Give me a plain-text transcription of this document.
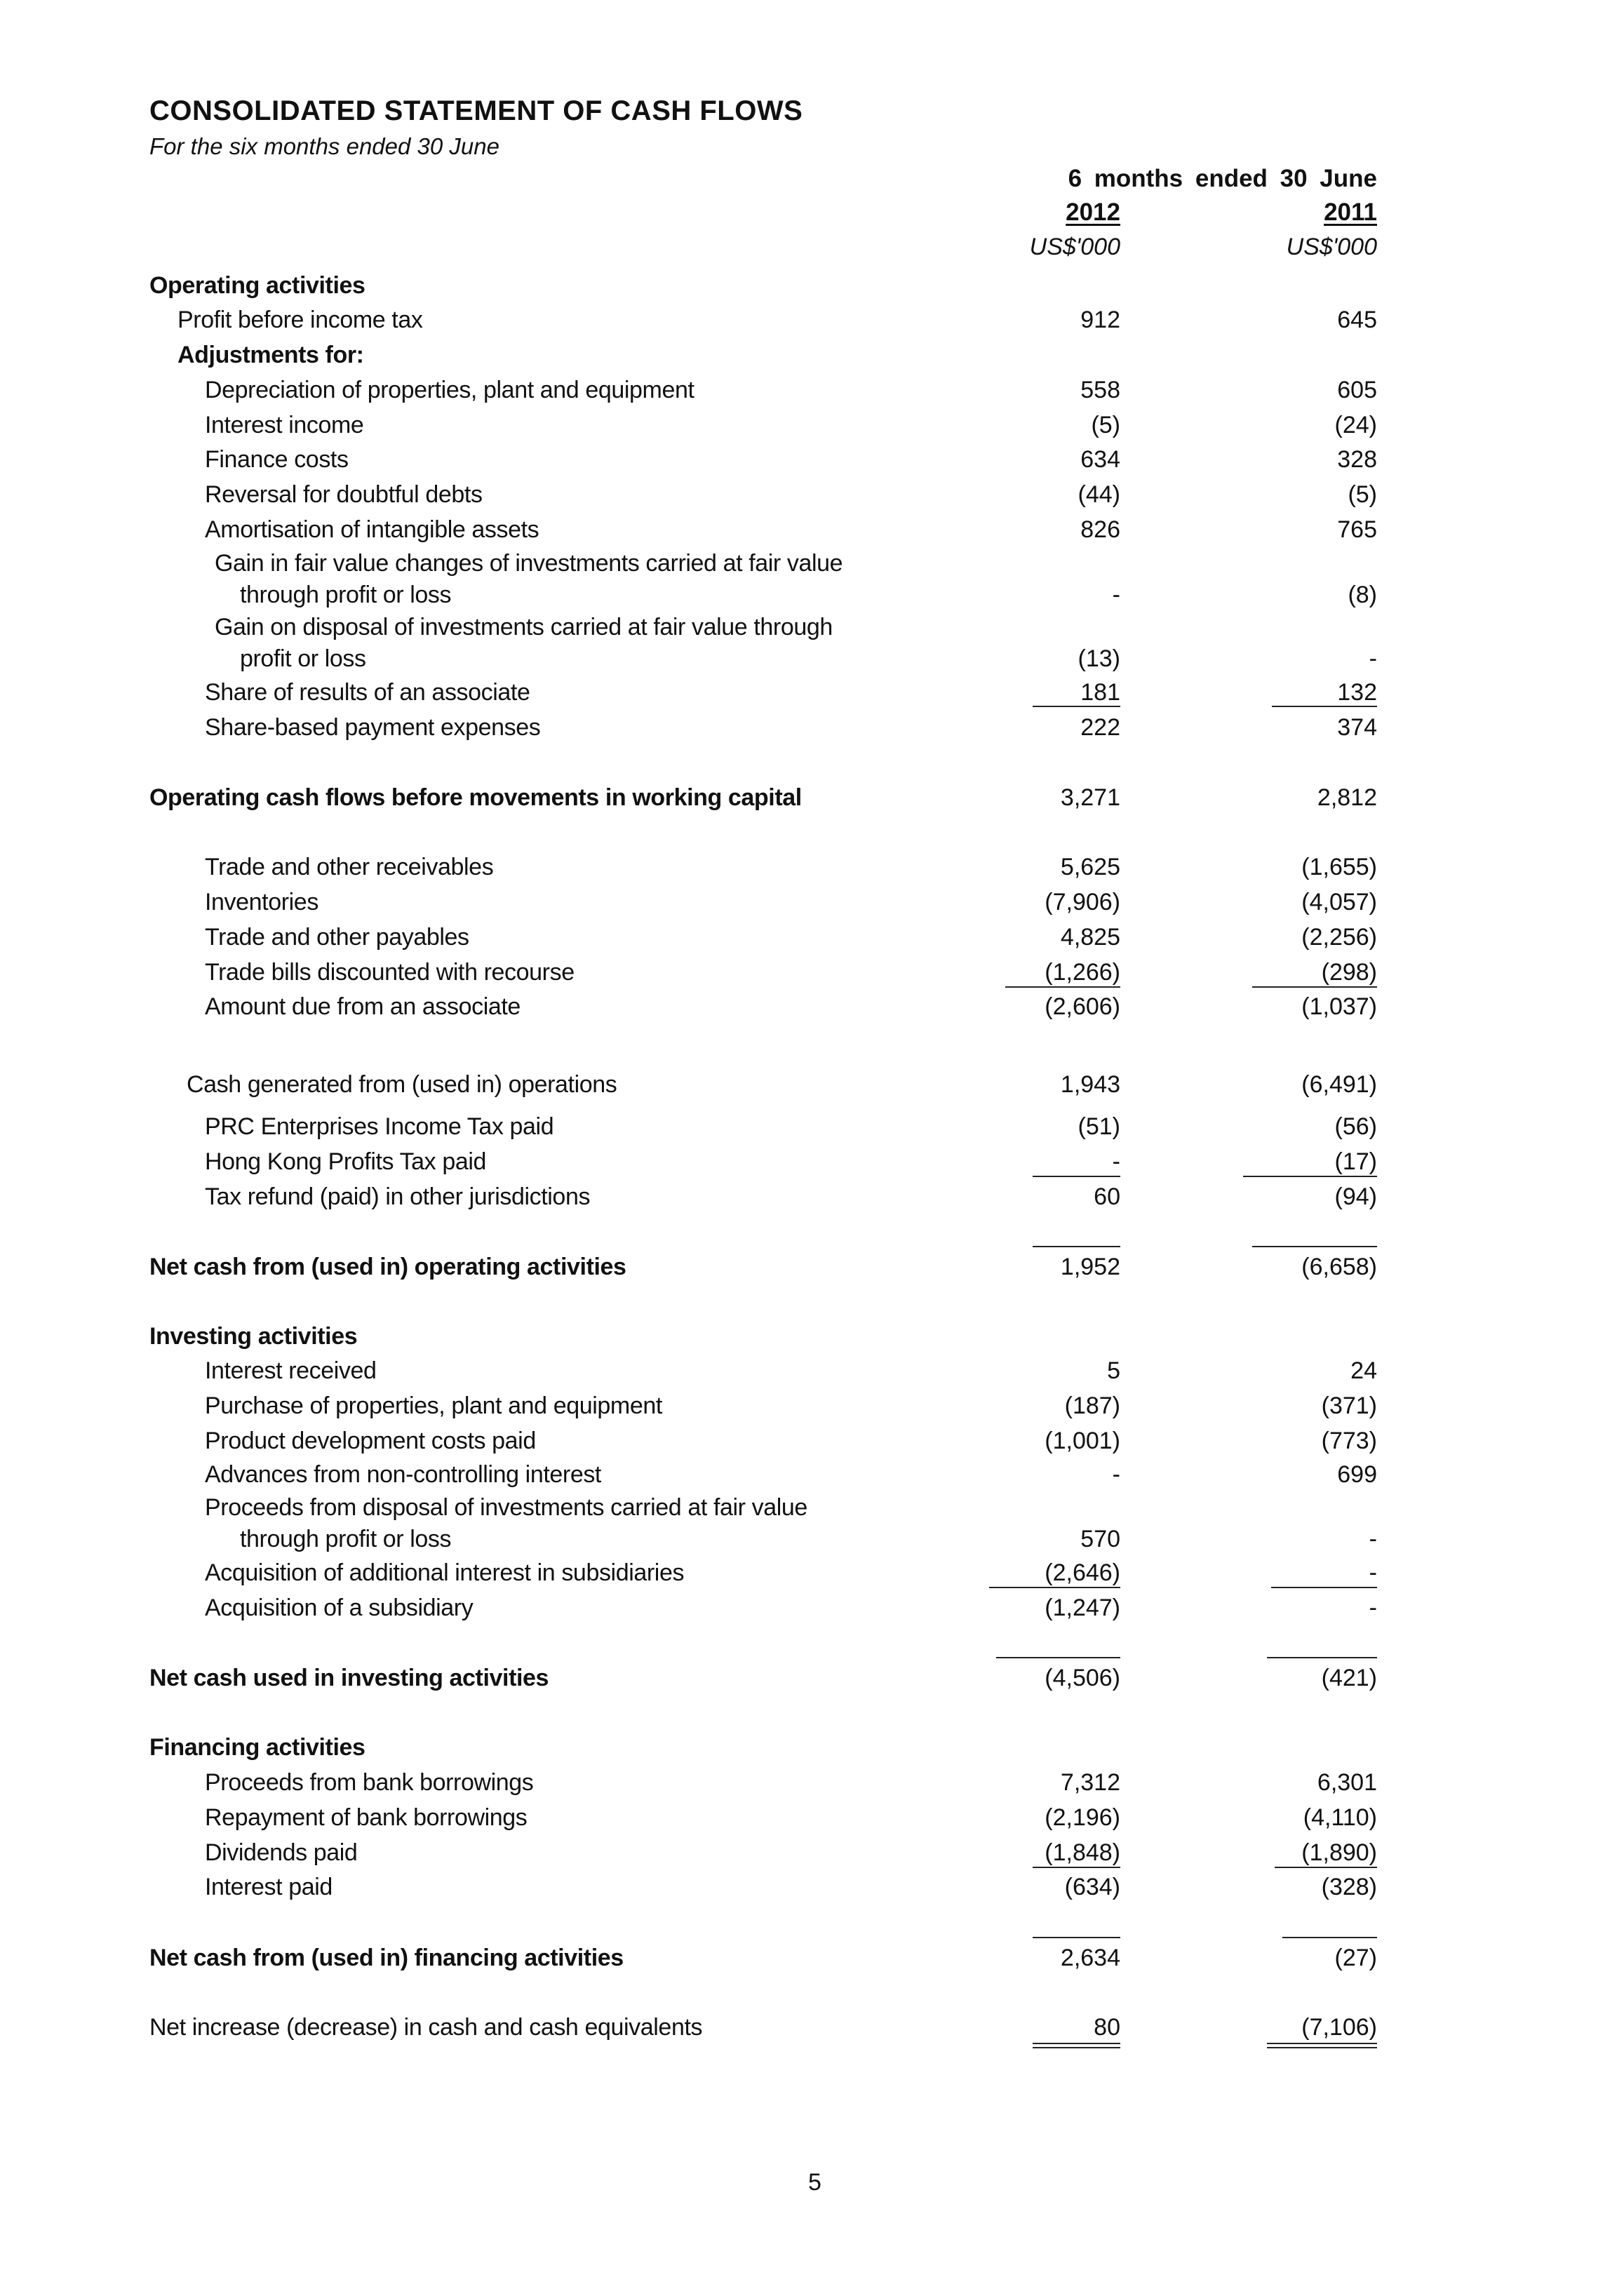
CONSOLIDATED STATEMENT OF CASH FLOWS
For the six months ended 30 June
6 months ended 30 June
2012	2011
US$'000	US$'000
Operating activities
Profit before income tax	912	645
Adjustments for:
Depreciation of properties, plant and equipment	558	605
Interest income	(5)	(24)
Finance costs	634	328
Reversal for doubtful debts	(44)	(5)
Amortisation of intangible assets	826	765
Gain in fair value changes of investments carried at fair value
through profit or loss	-	(8)
Gain on disposal of investments carried at fair value through
profit or loss	(13)	-
Share of results of an associate	181	132
Share-based payment expenses	222	374
Operating cash flows before movements in working capital	3,271	2,812
Trade and other receivables	5,625	(1,655)
Inventories	(7,906)	(4,057)
Trade and other payables	4,825	(2,256)
Trade bills discounted with recourse	(1,266)	(298)
Amount due from an associate	(2,606)	(1,037)
Cash generated from (used in) operations	1,943	(6,491)
PRC Enterprises Income Tax paid	(51)	(56)
Hong Kong Profits Tax paid	-	(17)
Tax refund (paid) in other jurisdictions	60	(94)
Net cash from (used in) operating activities	1,952	(6,658)
Investing activities
Interest received	5	24
Purchase of properties, plant and equipment	(187)	(371)
Product development costs paid	(1,001)	(773)
Advances from non-controlling interest	-	699
Proceeds from disposal of investments carried at fair value
through profit or loss	570	-
Acquisition of additional interest in subsidiaries	(2,646)	-
Acquisition of a subsidiary	(1,247)	-
Net cash used in investing activities	(4,506)	(421)
Financing activities
Proceeds from bank borrowings	7,312	6,301
Repayment of bank borrowings	(2,196)	(4,110)
Dividends paid	(1,848)	(1,890)
Interest paid	(634)	(328)
Net cash from (used in) financing activities	2,634	(27)
Net increase (decrease) in cash and cash equivalents	80	(7,106)
5
